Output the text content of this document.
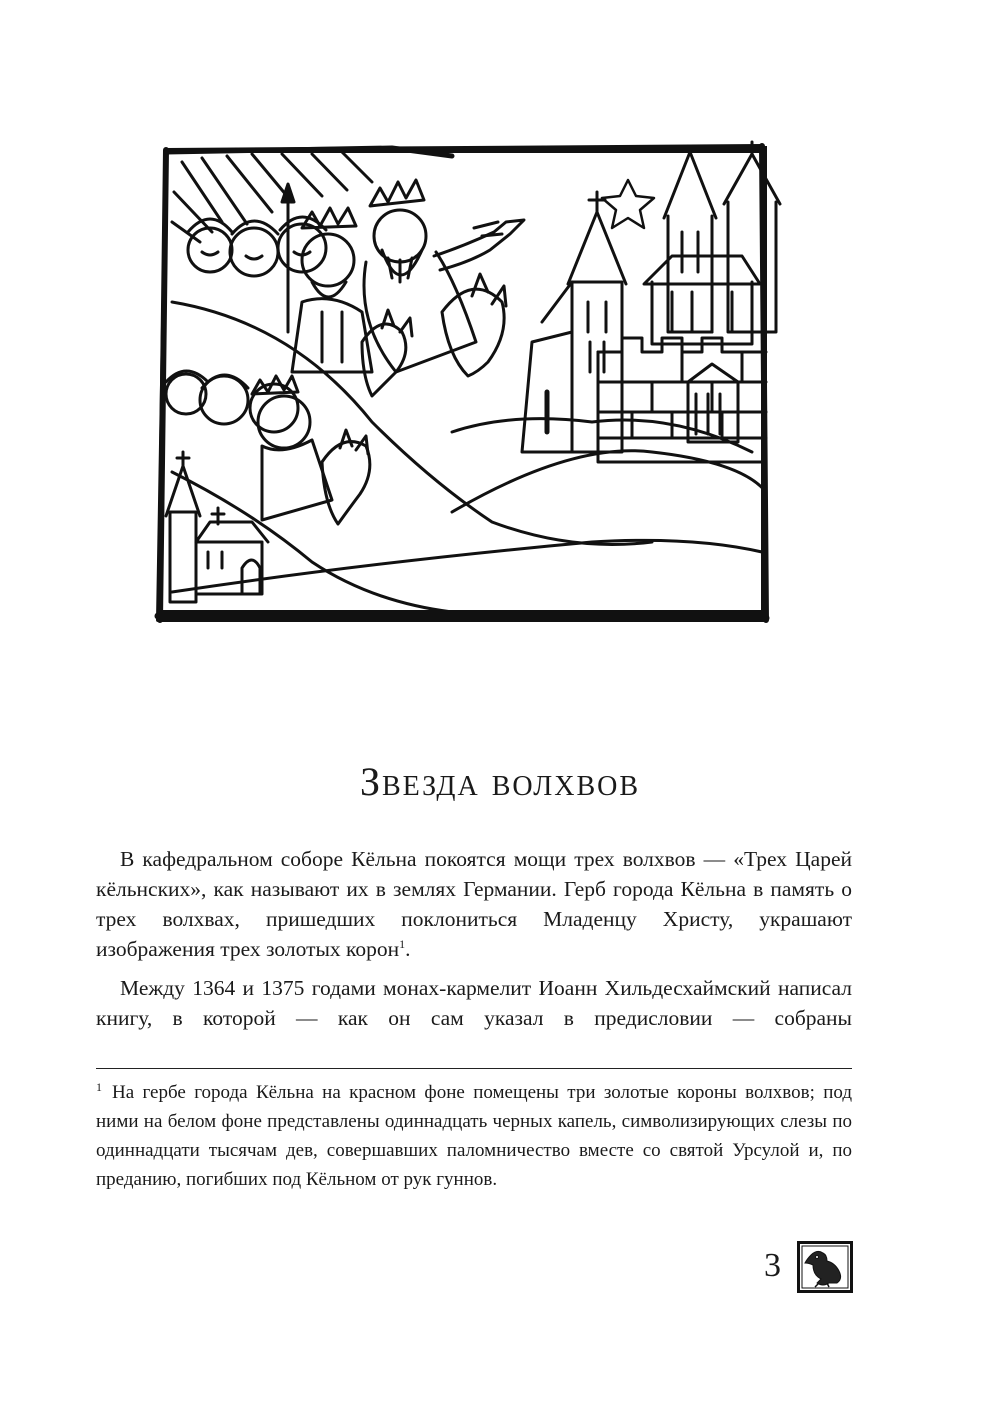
Звезда волхвов

В кафедральном соборе Кёльна покоятся мощи трех волхвов — «Трех Царей кёльнских», как называют их в землях Германии. Герб города Кёльна в память о трех волхвах, пришедших поклониться Младенцу Христу, украшают изображения трех золотых корон$^1$.

Между 1364 и 1375 годами монах-кармелит Иоанн Хильдесхаймский написал книгу, в которой — как он сам указал в предисловии — собраны

$^1$ На гербе города Кёльна на красном фоне помещены три золотые короны волхвов; под ними на белом фоне представлены одиннадцать черных капель, символизирующих слезы по одиннадцати тысячам дев, совершавших паломничество вместе со святой Урсулой и, по преданию, погибших под Кёльном от рук гуннов.
3
